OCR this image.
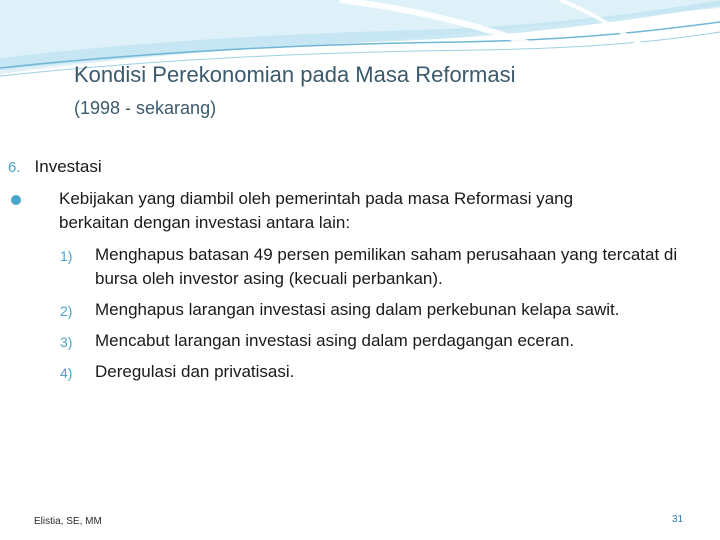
Kondisi Perekonomian pada Masa Reformasi
(1998 - sekarang)
6. Investasi
Kebijakan yang diambil oleh pemerintah pada masa Reformasi yang
berkaitan dengan investasi antara lain:
1) Menghapus batasan 49 persen pemilikan saham perusahaan yang tercatat di bursa oleh investor asing (kecuali perbankan).
2) Menghapus larangan investasi asing dalam perkebunan kelapa sawit.
3) Mencabut larangan investasi asing dalam perdagangan eceran.
4) Deregulasi dan privatisasi.
Elistia, SE, MM	31
